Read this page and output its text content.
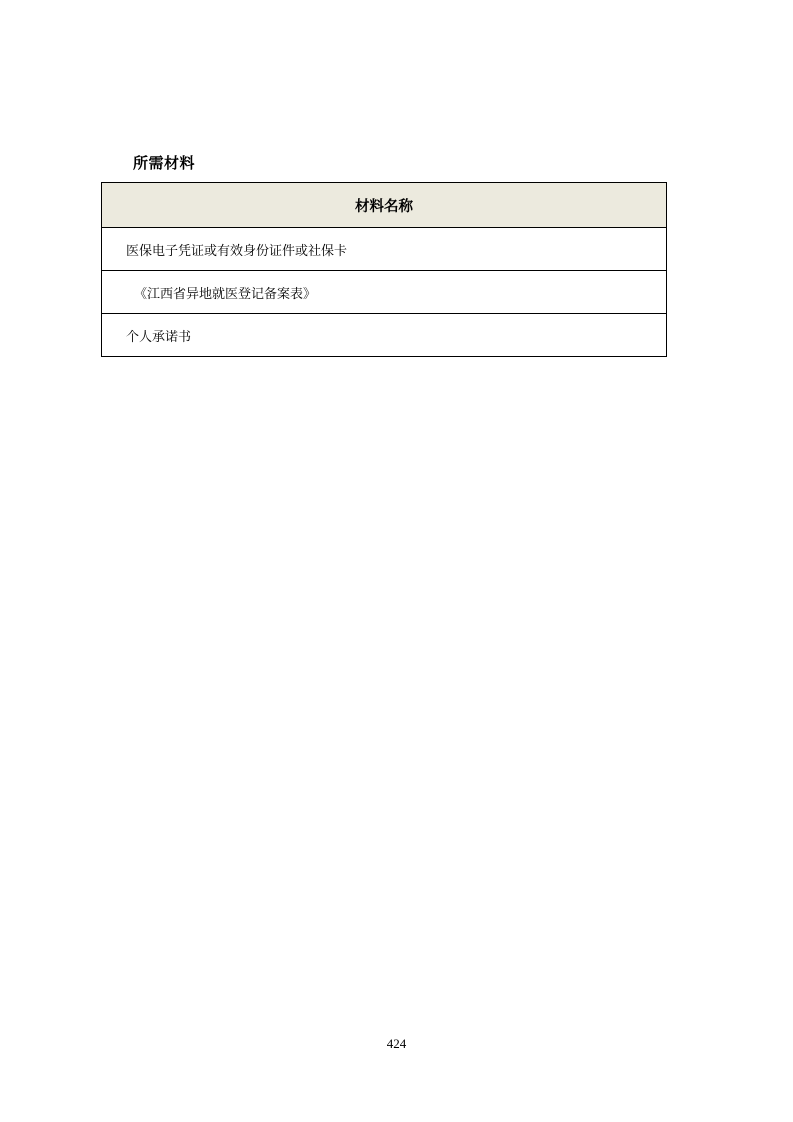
所需材料
材料名称
医保电子凭证或有效身份证件或社保卡
《江西省异地就医登记备案表》
个人承诺书
424
